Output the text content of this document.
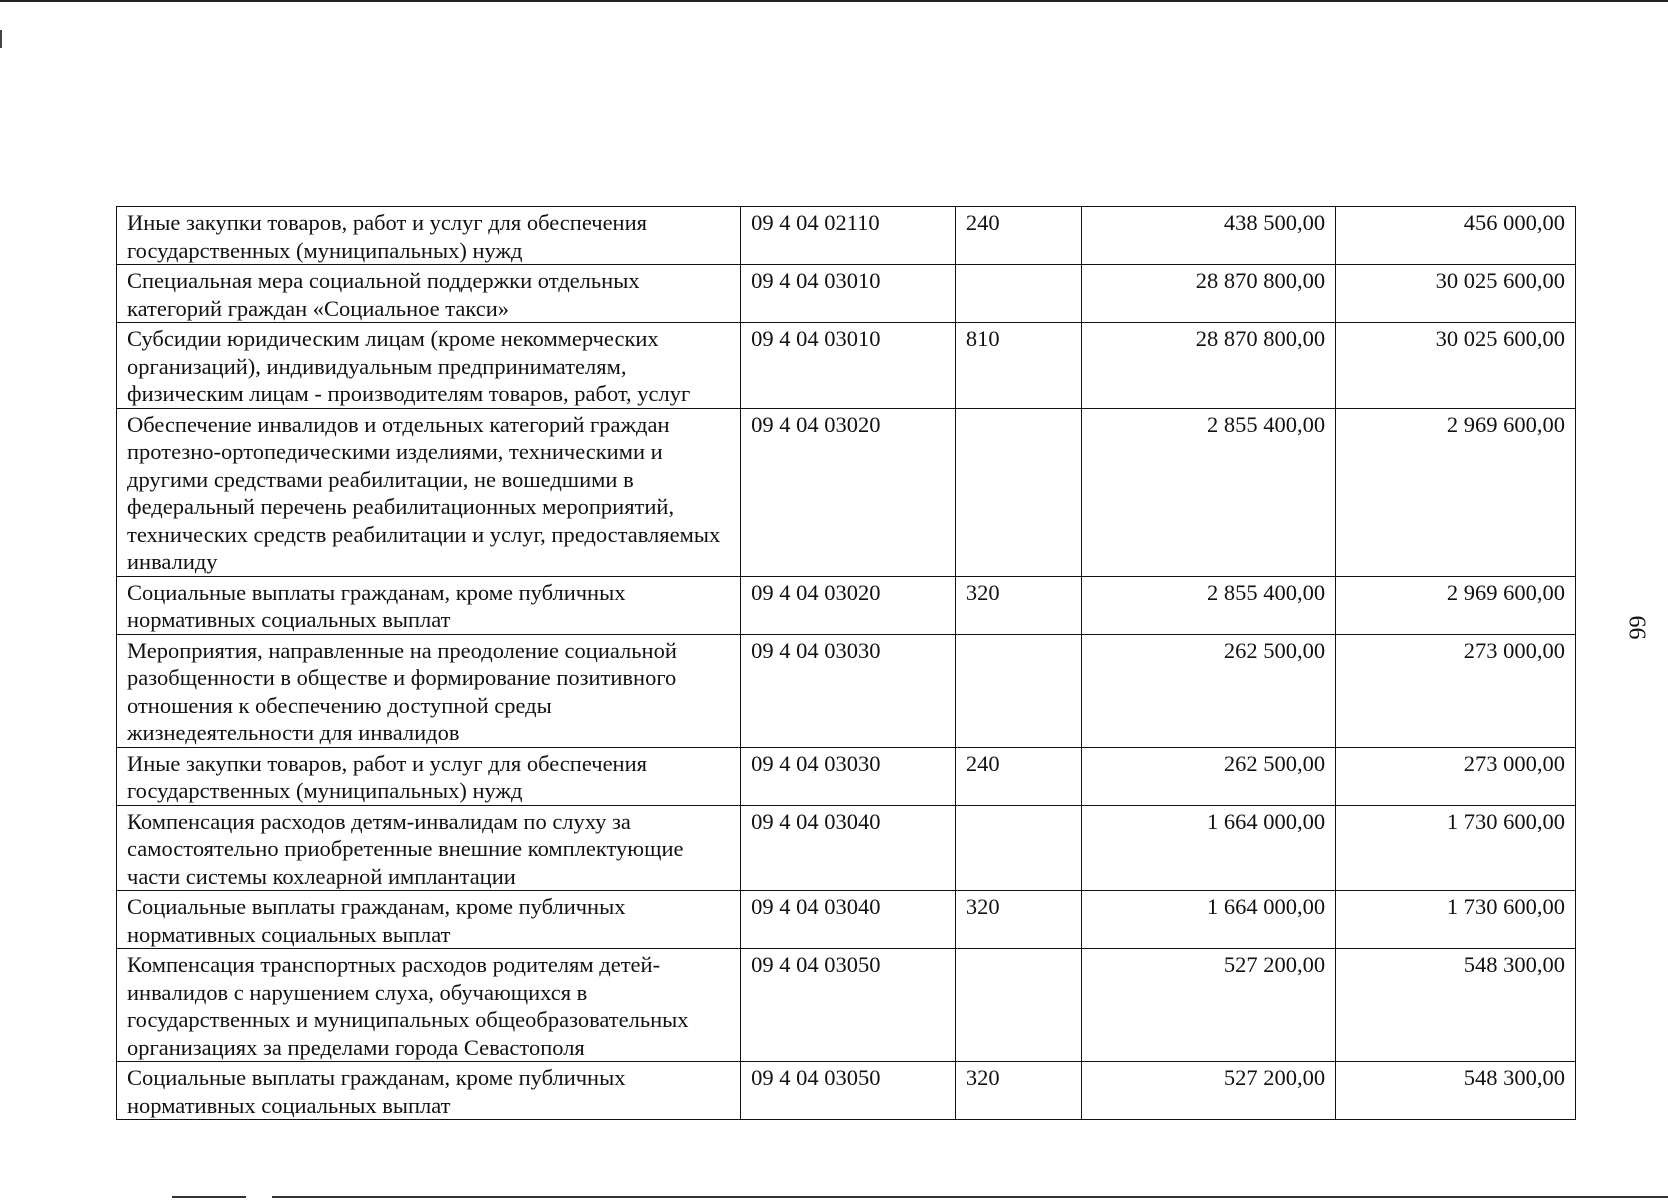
Иные закупки товаров, работ и услуг для обеспечения государственных (муниципальных) нужд	09 4 04 02110	240	438 500,00	456 000,00
Специальная мера социальной поддержки отдельных категорий граждан «Социальное такси»	09 4 04 03010		28 870 800,00	30 025 600,00
Субсидии юридическим лицам (кроме некоммерческих организаций), индивидуальным предпринимателям, физическим лицам - производителям товаров, работ, услуг	09 4 04 03010	810	28 870 800,00	30 025 600,00
Обеспечение инвалидов и отдельных категорий граждан протезно-ортопедическими изделиями, техническими и другими средствами реабилитации, не вошедшими в федеральный перечень реабилитационных мероприятий, технических средств реабилитации и услуг, предоставляемых инвалиду	09 4 04 03020		2 855 400,00	2 969 600,00
Социальные выплаты гражданам, кроме публичных нормативных социальных выплат	09 4 04 03020	320	2 855 400,00	2 969 600,00
Мероприятия, направленные на преодоление социальной разобщенности в обществе и формирование позитивного отношения к обеспечению доступной среды жизнедеятельности для инвалидов	09 4 04 03030		262 500,00	273 000,00
Иные закупки товаров, работ и услуг для обеспечения государственных (муниципальных) нужд	09 4 04 03030	240	262 500,00	273 000,00
Компенсация расходов детям-инвалидам по слуху за самостоятельно приобретенные внешние комплектующие части системы кохлеарной имплантации	09 4 04 03040		1 664 000,00	1 730 600,00
Социальные выплаты гражданам, кроме публичных нормативных социальных выплат	09 4 04 03040	320	1 664 000,00	1 730 600,00
Компенсация транспортных расходов родителям детей-инвалидов с нарушением слуха, обучающихся в государственных и муниципальных общеобразовательных организациях за пределами города Севастополя	09 4 04 03050		527 200,00	548 300,00
Социальные выплаты гражданам, кроме публичных нормативных социальных выплат	09 4 04 03050	320	527 200,00	548 300,00
66
